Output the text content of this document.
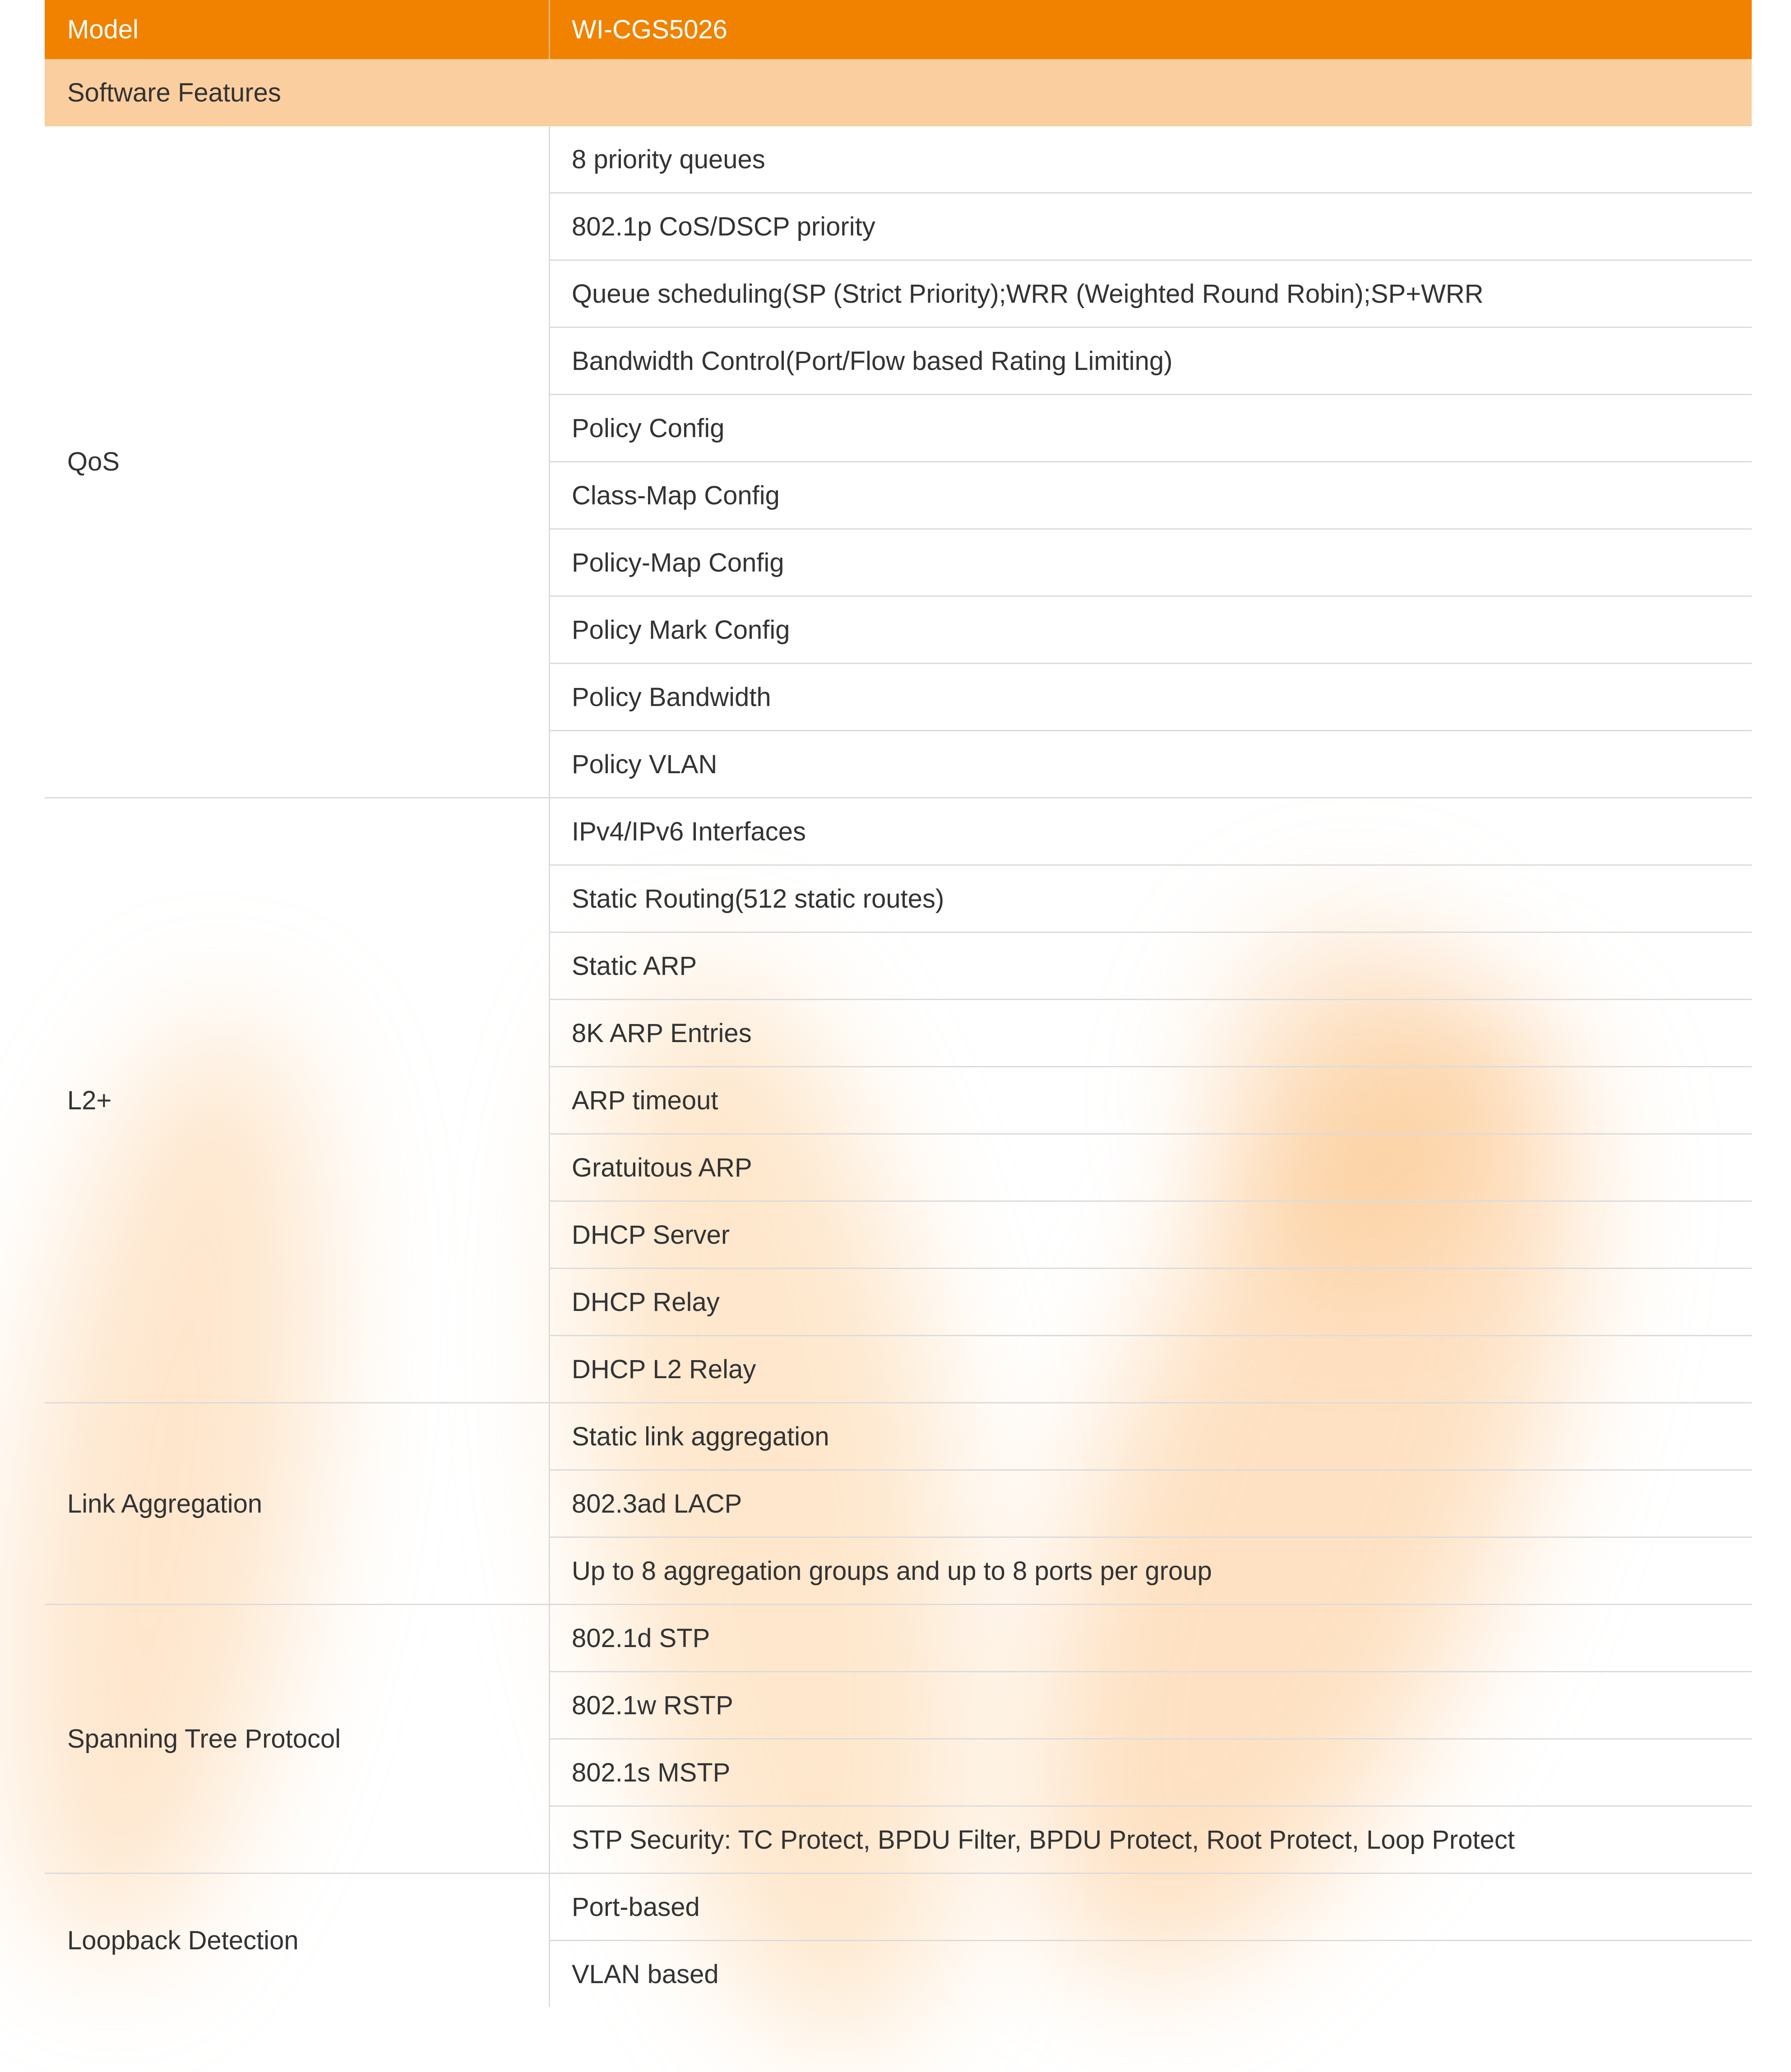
Model	WI-CGS5026
Software Features
QoS
8 priority queues
802.1p CoS/DSCP priority
Queue scheduling(SP (Strict Priority);WRR (Weighted Round Robin);SP+WRR
Bandwidth Control(Port/Flow based Rating Limiting)
Policy Config
Class-Map Config
Policy-Map Config
Policy Mark Config
Policy Bandwidth
Policy VLAN
L2+
IPv4/IPv6 Interfaces
Static Routing(512 static routes)
Static ARP
8K ARP Entries
ARP timeout
Gratuitous ARP
DHCP Server
DHCP Relay
DHCP L2 Relay
Link Aggregation
Static link aggregation
802.3ad LACP
Up to 8 aggregation groups and up to 8 ports per group
Spanning Tree Protocol
802.1d STP
802.1w RSTP
802.1s MSTP
STP Security: TC Protect, BPDU Filter, BPDU Protect, Root Protect, Loop Protect
Loopback Detection
Port-based
VLAN based
